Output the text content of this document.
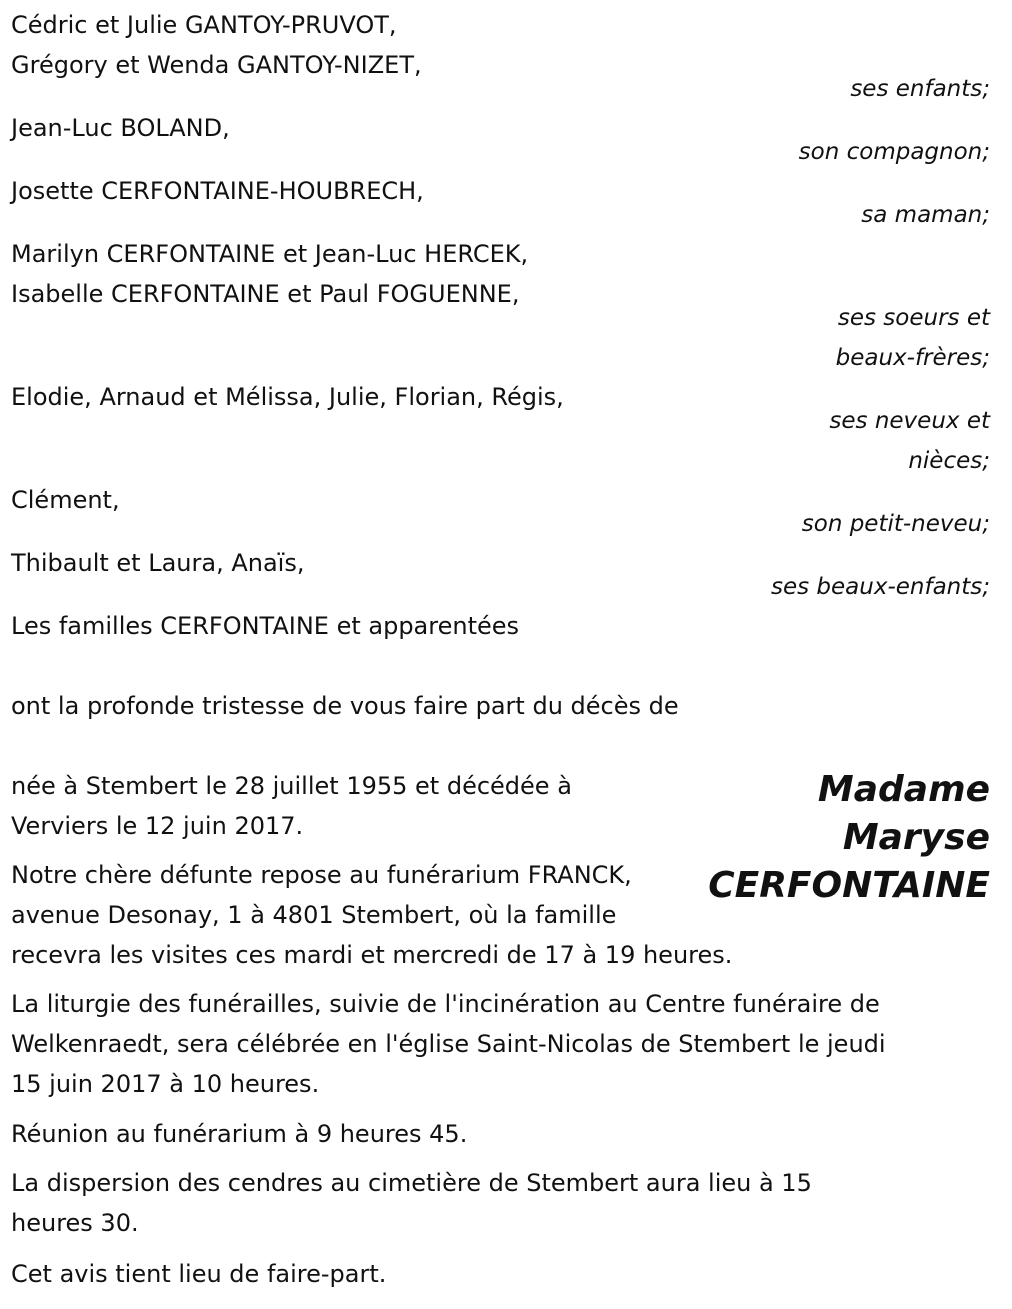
Cédric et Julie GANTOY-PRUVOT,
Grégory et Wenda GANTOY-NIZET,
ses enfants;
Jean-Luc BOLAND,
son compagnon;
Josette CERFONTAINE-HOUBRECH,
sa maman;
Marilyn CERFONTAINE et Jean-Luc HERCEK,
Isabelle CERFONTAINE et Paul FOGUENNE,
ses soeurs et
beaux-frères;
Elodie, Arnaud et Mélissa, Julie, Florian, Régis,
ses neveux et
nièces;
Clément,
son petit-neveu;
Thibault et Laura, Anaïs,
ses beaux-enfants;
Les familles CERFONTAINE et apparentées
ont la profonde tristesse de vous faire part du décès de
Madame
Maryse
CERFONTAINE
née à Stembert le 28 juillet 1955 et décédée à
Verviers le 12 juin 2017.
Notre chère défunte repose au funérarium FRANCK,
avenue Desonay, 1 à 4801 Stembert, où la famille
recevra les visites ces mardi et mercredi de 17 à 19 heures.
La liturgie des funérailles, suivie de l'incinération au Centre funéraire de
Welkenraedt, sera célébrée en l'église Saint-Nicolas de Stembert le jeudi
15 juin 2017 à 10 heures.
Réunion au funérarium à 9 heures 45.
La dispersion des cendres au cimetière de Stembert aura lieu à 15
heures 30.
Cet avis tient lieu de faire-part.
